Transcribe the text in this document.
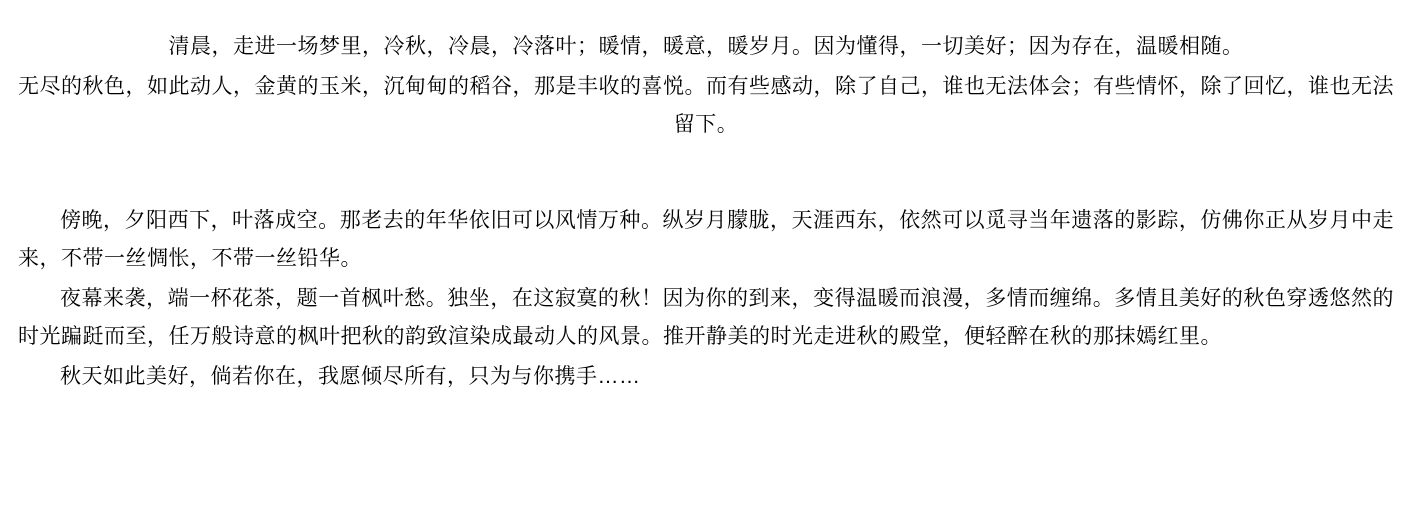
清晨，走进一场梦里，冷秋，冷晨，冷落叶；暖情，暖意，暖岁月。因为懂得，一切美好；因为存在，温暖相随。

无尽的秋色，如此动人，金黄的玉米，沉甸甸的稻谷，那是丰收的喜悦。而有些感动，除了自己，谁也无法体会；有些情怀，除了回忆，谁也无法留下。

傍晚，夕阳西下，叶落成空。那老去的年华依旧可以风情万种。纵岁月朦胧，天涯西东，依然可以觅寻当年遗落的影踪，仿佛你正从岁月中走来，不带一丝惆怅，不带一丝铅华。

夜幕来袭，端一杯花茶，题一首枫叶愁。独坐，在这寂寞的秋！因为你的到来，变得温暖而浪漫，多情而缠绵。多情且美好的秋色穿透悠然的时光蹁跹而至，任万般诗意的枫叶把秋的韵致渲染成最动人的风景。推开静美的时光走进秋的殿堂，便轻醉在秋的那抹嫣红里。

秋天如此美好，倘若你在，我愿倾尽所有，只为与你携手……
